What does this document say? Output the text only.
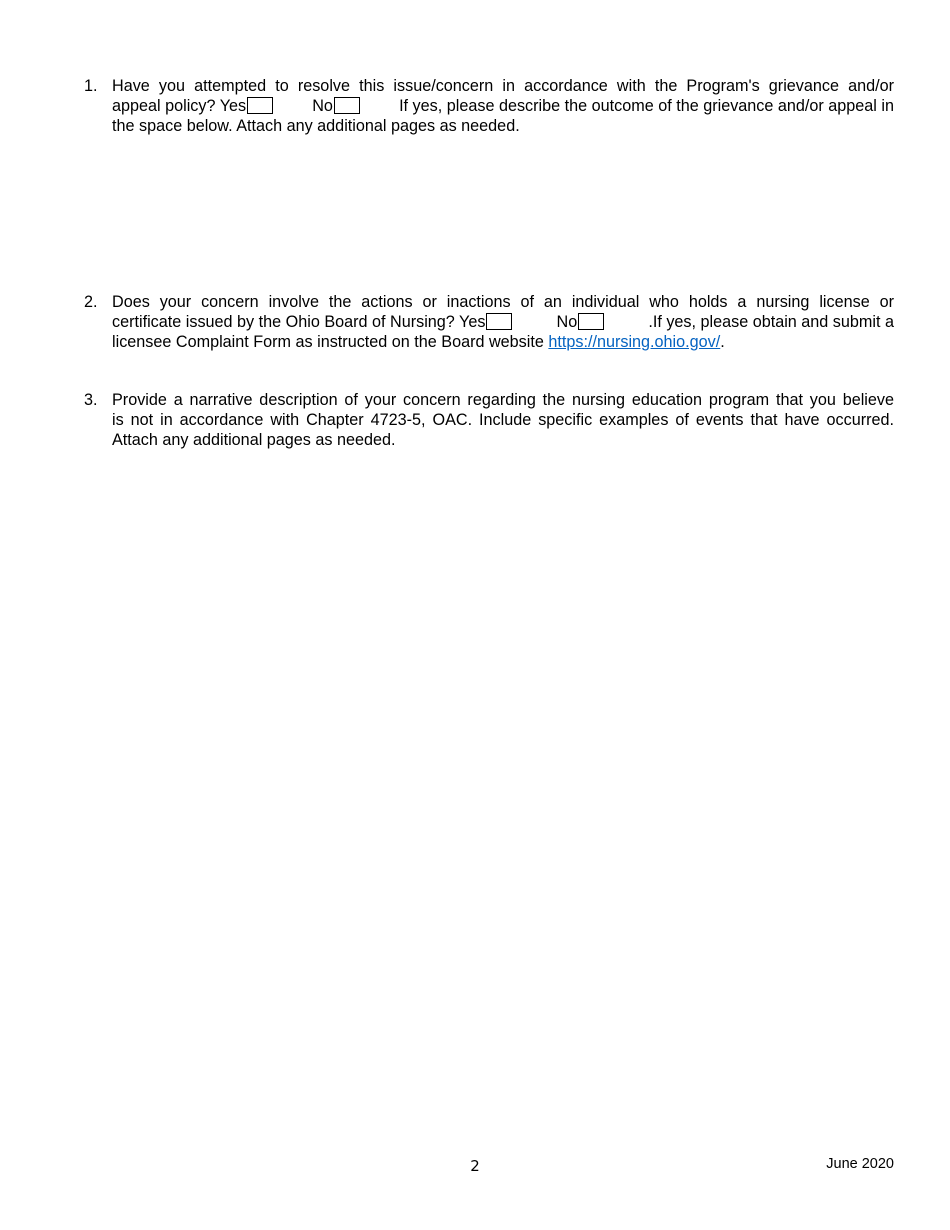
1. Have you attempted to resolve this issue/concern in accordance with the Program's grievance and/or
appeal policy? Yes	No	If yes, please describe the outcome of the grievance and/or appeal in
the space below. Attach any additional pages as needed.
2. Does your concern involve the actions or inactions of an individual who holds a nursing license or
certificate issued by the Ohio Board of Nursing? Yes	No	.If yes, please obtain and submit a
licensee Complaint Form as instructed on the Board website https://nursing.ohio.gov/.
3. Provide a narrative description of your concern regarding the nursing education program that you believe
is not in accordance with Chapter 4723-5, OAC. Include specific examples of events that have occurred.
Attach any additional pages as needed.
2	June 2020
